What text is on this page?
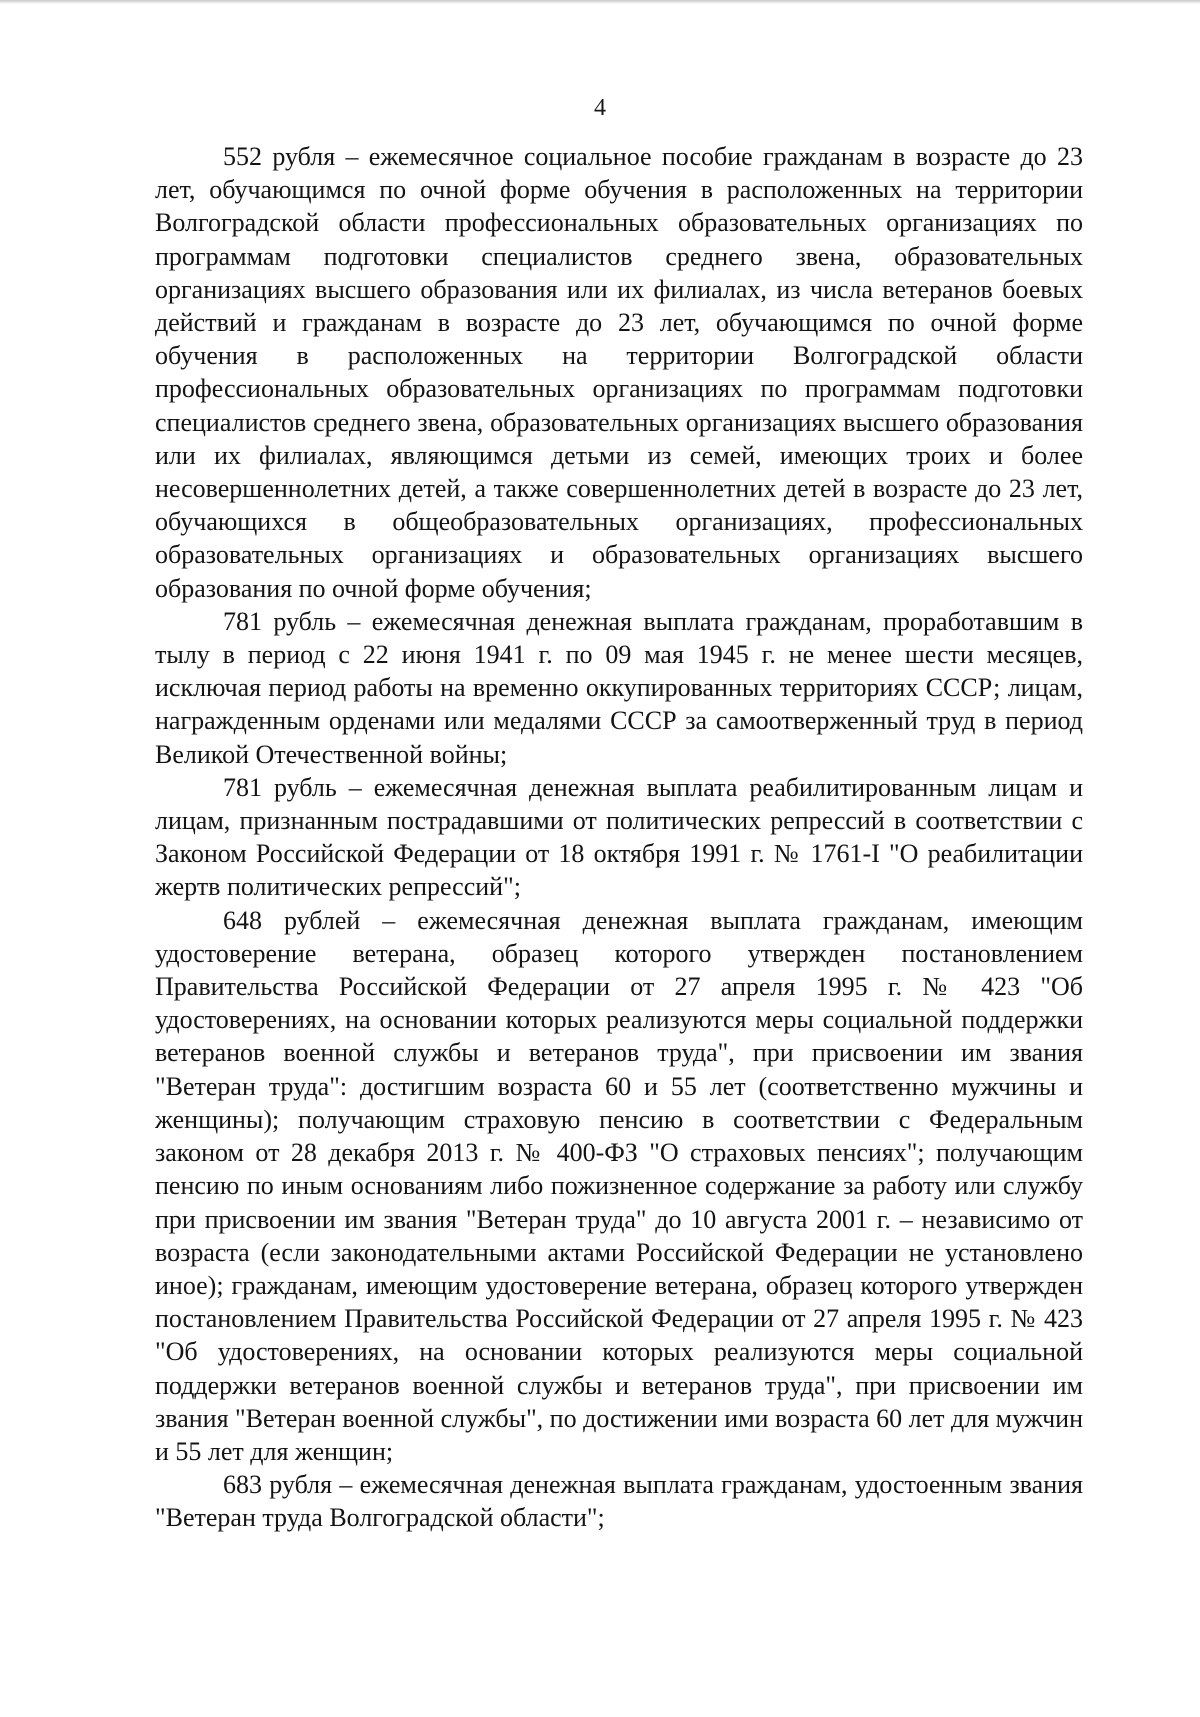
4

552 рубля – ежемесячное социальное пособие гражданам в возрасте до 23 лет, обучающимся по очной форме обучения в расположенных на территории Волгоградской области профессиональных образовательных организациях по программам подготовки специалистов среднего звена, образовательных организациях высшего образования или их филиалах, из числа ветеранов боевых действий и гражданам в возрасте до 23 лет, обучающимся по очной форме обучения в расположенных на территории Волгоградской области профессиональных образовательных организациях по программам подготовки специалистов среднего звена, образовательных организациях высшего образования или их филиалах, являющимся детьми из семей, имеющих троих и более несовершеннолетних детей, а также совершеннолетних детей в возрасте до 23 лет, обучающихся в общеобразовательных организациях, профессиональных образовательных организациях и образовательных организациях высшего образования по очной форме обучения;

781 рубль – ежемесячная денежная выплата гражданам, проработавшим в тылу в период с 22 июня 1941 г. по 09 мая 1945 г. не менее шести месяцев, исключая период работы на временно оккупированных территориях СССР; лицам, награжденным орденами или медалями СССР за самоотверженный труд в период Великой Отечественной войны;

781 рубль – ежемесячная денежная выплата реабилитированным лицам и лицам, признанным пострадавшими от политических репрессий в соответствии с Законом Российской Федерации от 18 октября 1991 г. № 1761-I "О реабилитации жертв политических репрессий";

648 рублей – ежемесячная денежная выплата гражданам, имеющим удостоверение ветерана, образец которого утвержден постановлением Правительства Российской Федерации от 27 апреля 1995 г. № 423 "Об удостоверениях, на основании которых реализуются меры социальной поддержки ветеранов военной службы и ветеранов труда", при присвоении им звания "Ветеран труда": достигшим возраста 60 и 55 лет (соответственно мужчины и женщины); получающим страховую пенсию в соответствии с Федеральным законом от 28 декабря 2013 г. № 400-ФЗ "О страховых пенсиях"; получающим пенсию по иным основаниям либо пожизненное содержание за работу или службу при присвоении им звания "Ветеран труда" до 10 августа 2001 г. – независимо от возраста (если законодательными актами Российской Федерации не установлено иное); гражданам, имеющим удостоверение ветерана, образец которого утвержден постановлением Правительства Российской Федерации от 27 апреля 1995 г. № 423 "Об удостоверениях, на основании которых реализуются меры социальной поддержки ветеранов военной службы и ветеранов труда", при присвоении им звания "Ветеран военной службы", по достижении ими возраста 60 лет для мужчин и 55 лет для женщин;

683 рубля – ежемесячная денежная выплата гражданам, удостоенным звания "Ветеран труда Волгоградской области";
